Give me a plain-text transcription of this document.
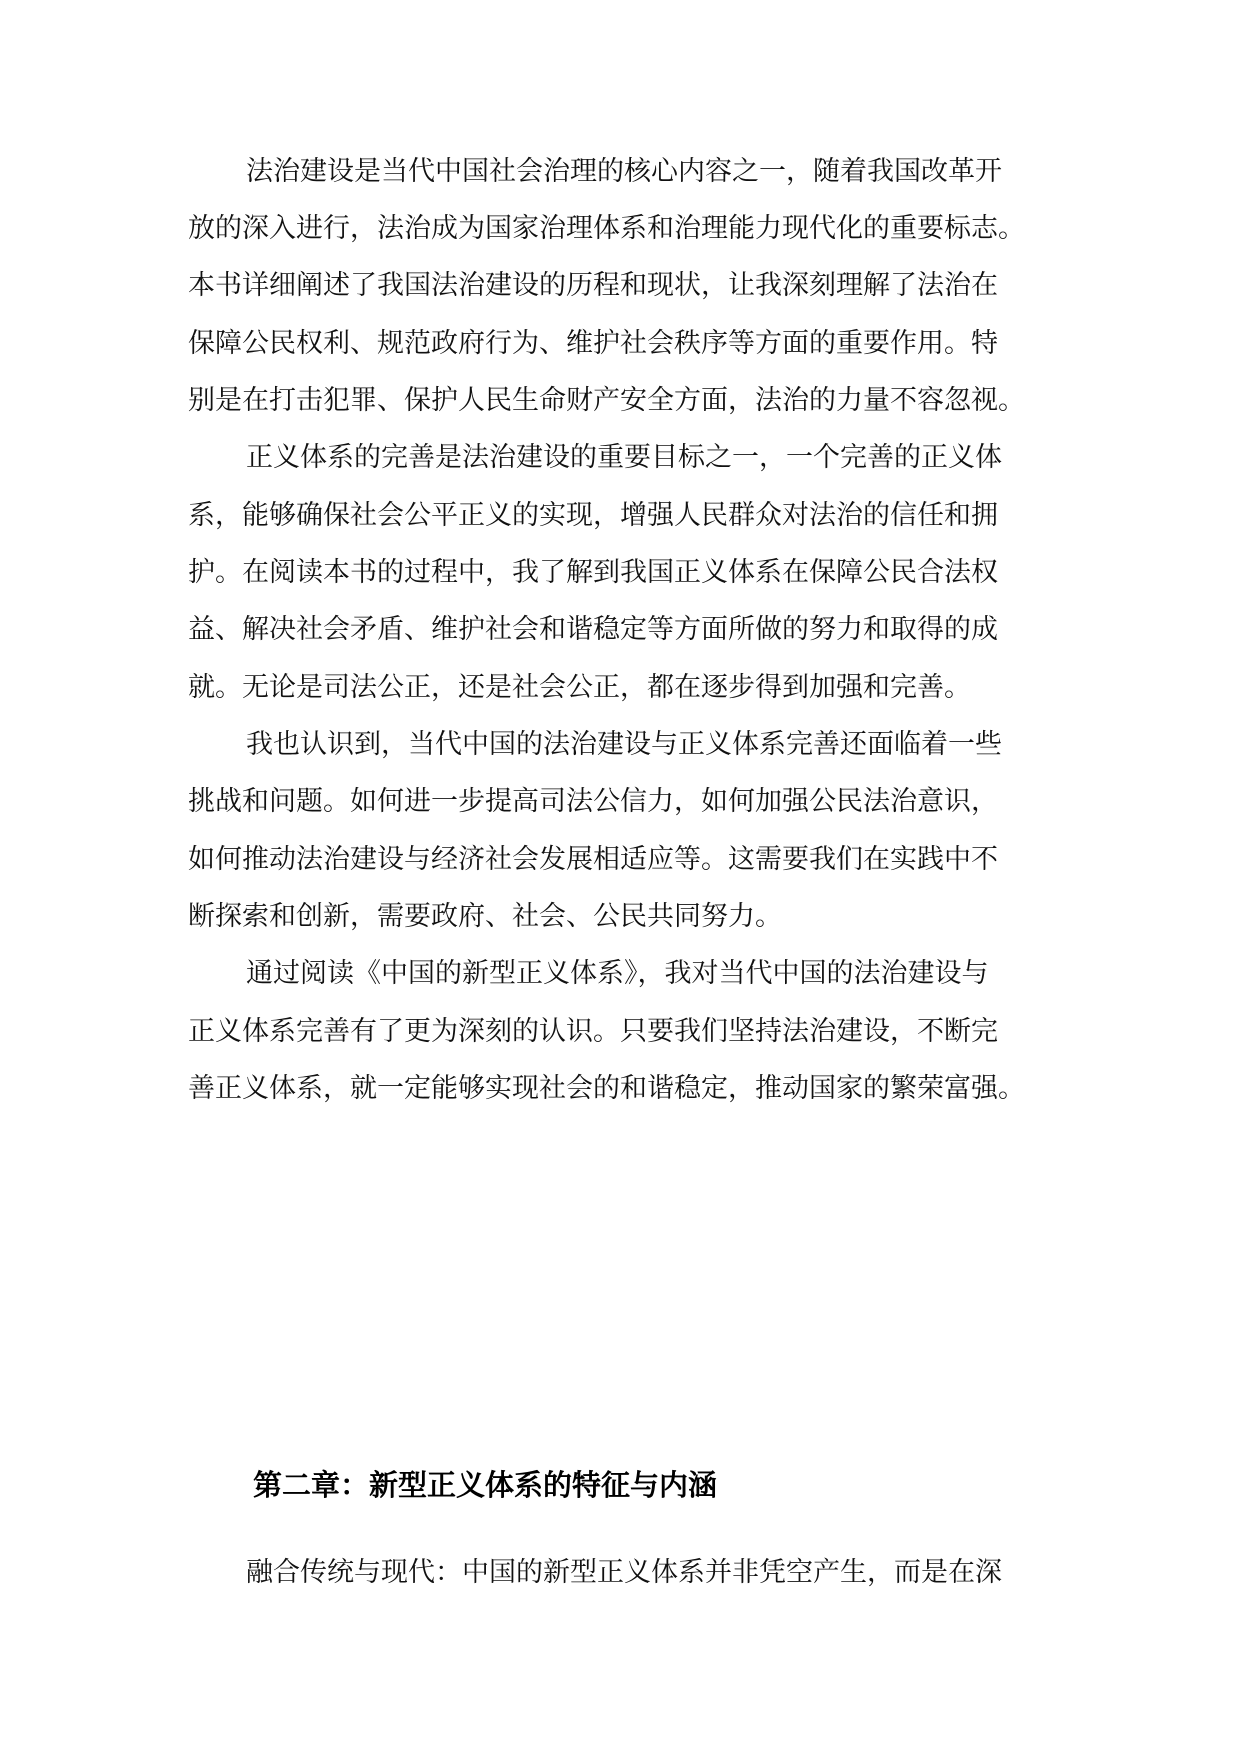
法治建设是当代中国社会治理的核心内容之一，随着我国改革开

放的深入进行，法治成为国家治理体系和治理能力现代化的重要标志。

本书详细阐述了我国法治建设的历程和现状，让我深刻理解了法治在

保障公民权利、规范政府行为、维护社会秩序等方面的重要作用。特

别是在打击犯罪、保护人民生命财产安全方面，法治的力量不容忽视。

正义体系的完善是法治建设的重要目标之一，一个完善的正义体

系，能够确保社会公平正义的实现，增强人民群众对法治的信任和拥

护。在阅读本书的过程中，我了解到我国正义体系在保障公民合法权

益、解决社会矛盾、维护社会和谐稳定等方面所做的努力和取得的成

就。无论是司法公正，还是社会公正，都在逐步得到加强和完善。

我也认识到，当代中国的法治建设与正义体系完善还面临着一些

挑战和问题。如何进一步提高司法公信力，如何加强公民法治意识，

如何推动法治建设与经济社会发展相适应等。这需要我们在实践中不

断探索和创新，需要政府、社会、公民共同努力。

通过阅读《中国的新型正义体系》，我对当代中国的法治建设与

正义体系完善有了更为深刻的认识。只要我们坚持法治建设，不断完

善正义体系，就一定能够实现社会的和谐稳定，推动国家的繁荣富强。

第二章：新型正义体系的特征与内涵

融合传统与现代：中国的新型正义体系并非凭空产生，而是在深
